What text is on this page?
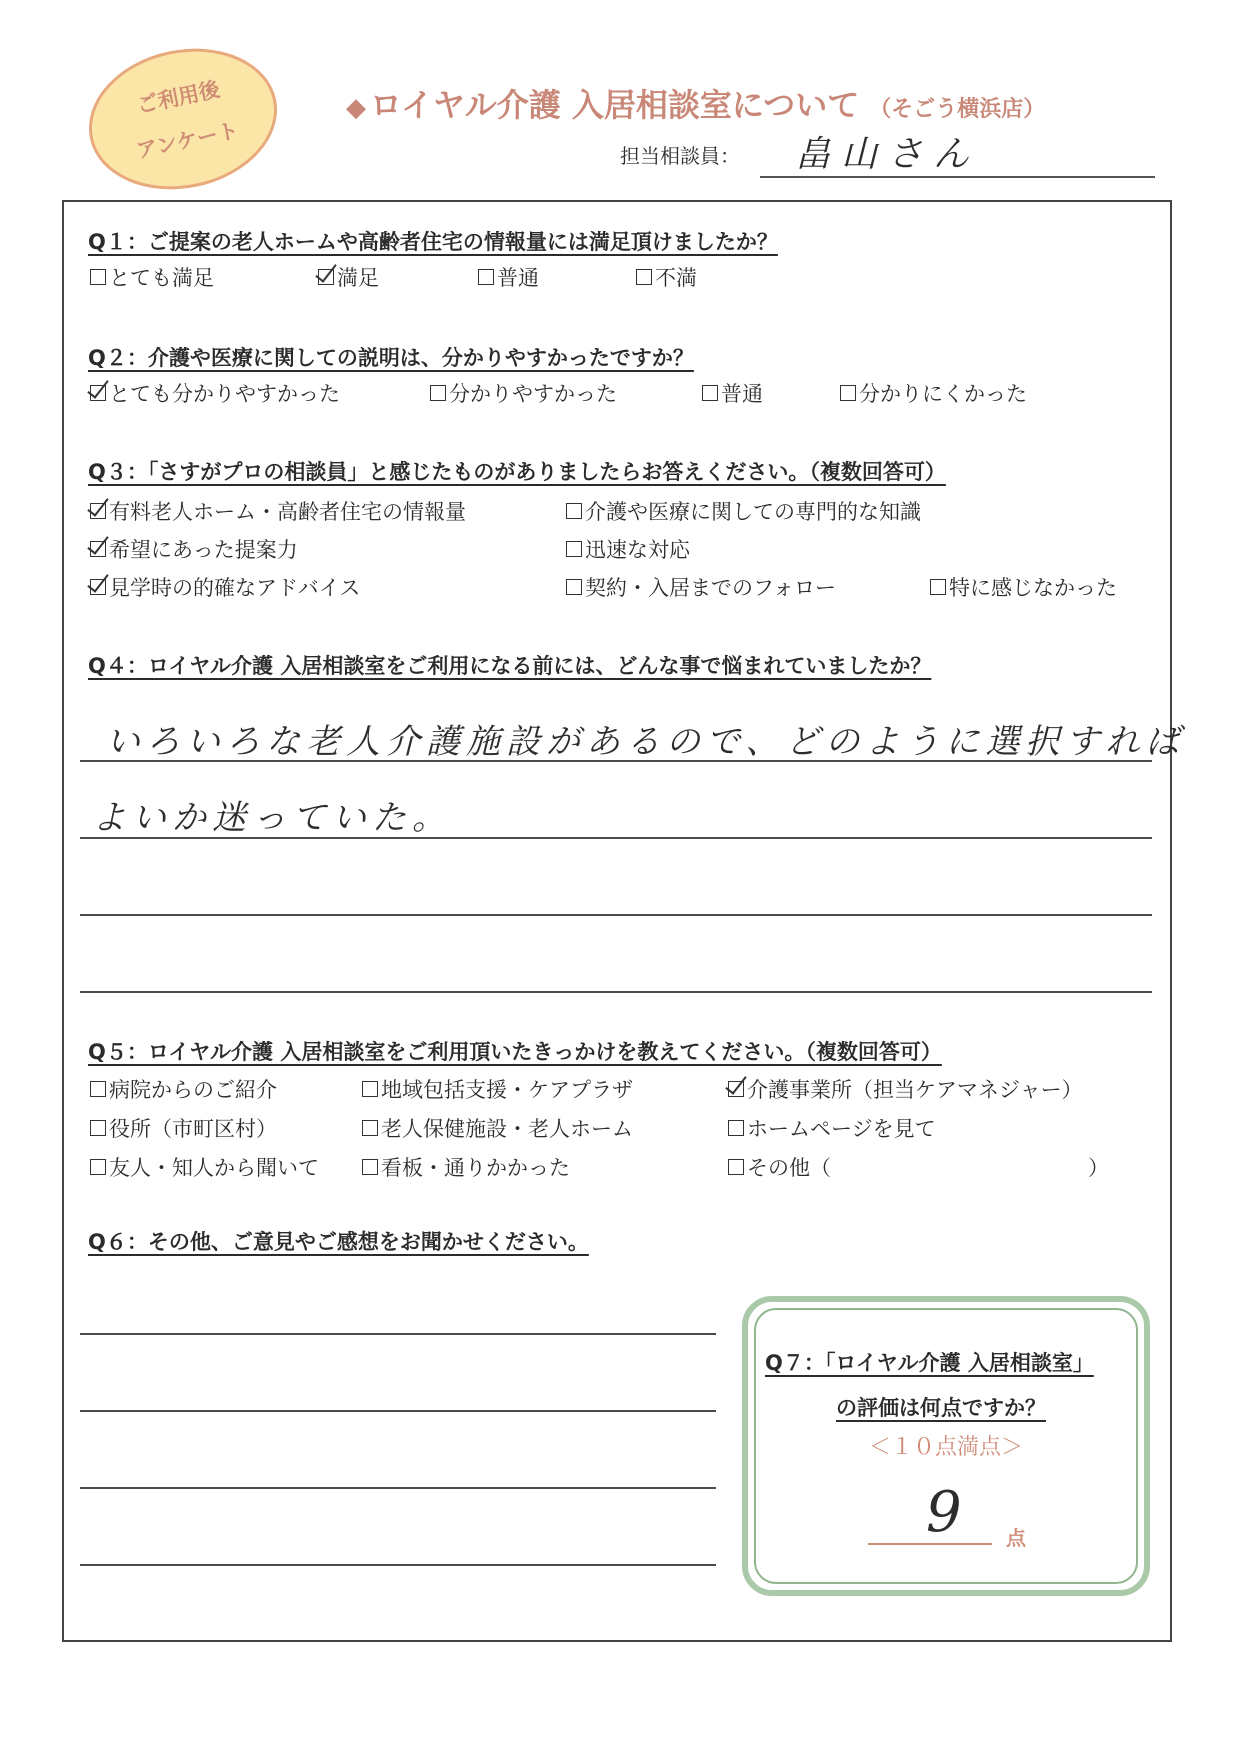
ご利用後
アンケート
◆ ロイヤル介護 入居相談室について （そごう横浜店）
担当相談員： 畠山さん
Q１：ご提案の老人ホームや高齢者住宅の情報量には満足頂けましたか？
とても満足	満足	普通	不満
Q２：介護や医療に関しての説明は、分かりやすかったですか？
とても分かりやすかった	分かりやすかった	普通	分かりにくかった
Q３：「さすがプロの相談員」と感じたものがありましたらお答えください。（複数回答可）
有料老人ホーム・高齢者住宅の情報量	介護や医療に関しての専門的な知識
希望にあった提案力	迅速な対応
見学時の的確なアドバイス	契約・入居までのフォロー	特に感じなかった
Q４：ロイヤル介護 入居相談室をご利用になる前には、どんな事で悩まれていましたか？
いろいろな老人介護施設があるので、どのように選択すれば
よいか迷っていた。
Q５：ロイヤル介護 入居相談室をご利用頂いたきっかけを教えてください。（複数回答可）
病院からのご紹介	地域包括支援・ケアプラザ	介護事業所（担当ケアマネジャー）
役所（市町区村）	老人保健施設・老人ホーム	ホームページを見て
友人・知人から聞いて	看板・通りかかった	その他（	）
Q６：その他、ご意見やご感想をお聞かせください。
Q７：「ロイヤル介護 入居相談室」
の評価は何点ですか？
＜１０点満点＞
9 点
